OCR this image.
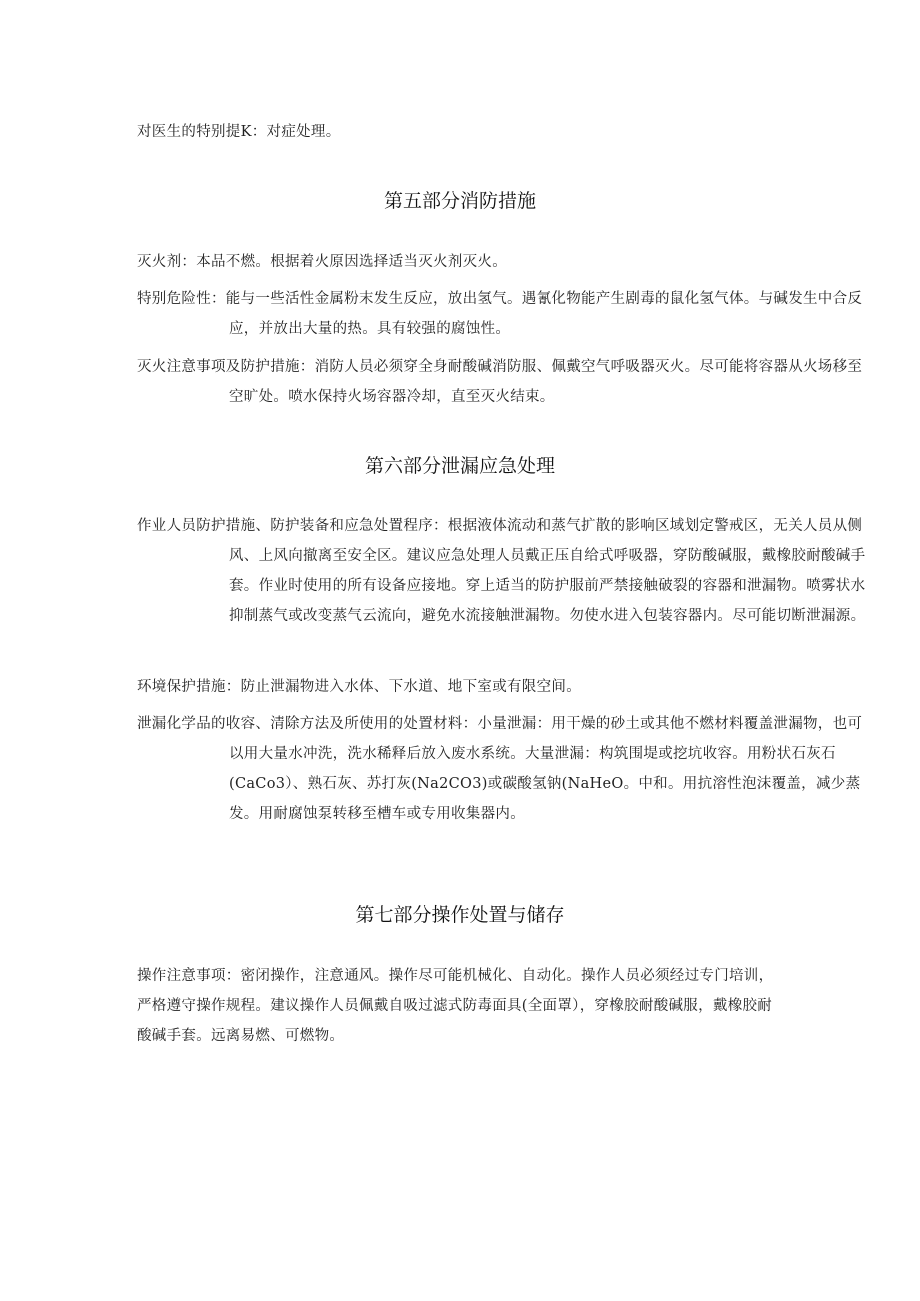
对医生的特别提K：对症处理。

第五部分消防措施

灭火剂：本品不燃。根据着火原因选择适当灭火剂灭火。

特别危险性：能与一些活性金属粉末发生反应，放出氢气。遇氰化物能产生剧毒的鼠化氢气体。与碱发生中合反应，并放出大量的热。具有较强的腐蚀性。

灭火注意事项及防护措施：消防人员必须穿全身耐酸碱消防服、佩戴空气呼吸器灭火。尽可能将容器从火场移至空旷处。喷水保持火场容器冷却，直至灭火结束。

第六部分泄漏应急处理

作业人员防护措施、防护装备和应急处置程序：根据液体流动和蒸气扩散的影响区域划定警戒区，无关人员从侧风、上风向撤离至安全区。建议应急处理人员戴正压自给式呼吸器，穿防酸碱服，戴橡胶耐酸碱手套。作业时使用的所有设备应接地。穿上适当的防护服前严禁接触破裂的容器和泄漏物。喷雾状水抑制蒸气或改变蒸气云流向，避免水流接触泄漏物。勿使水进入包装容器内。尽可能切断泄漏源。

环境保护措施：防止泄漏物进入水体、下水道、地下室或有限空间。

泄漏化学品的收容、清除方法及所使用的处置材料：小量泄漏：用干燥的砂土或其他不燃材料覆盖泄漏物，也可以用大量水冲洗，洗水稀释后放入废水系统。大量泄漏：构筑围堤或挖坑收容。用粉状石灰石(CaCo3）、熟石灰、苏打灰(Na2CO3)或碳酸氢钠(NaHeO。中和。用抗溶性泡沫覆盖，减少蒸发。用耐腐蚀泵转移至槽车或专用收集器内。

第七部分操作处置与储存

操作注意事项：密闭操作，注意通风。操作尽可能机械化、自动化。操作人员必须经过专门培训，严格遵守操作规程。建议操作人员佩戴自吸过滤式防毒面具(全面罩），穿橡胶耐酸碱服，戴橡胶耐酸碱手套。远离易燃、可燃物。
